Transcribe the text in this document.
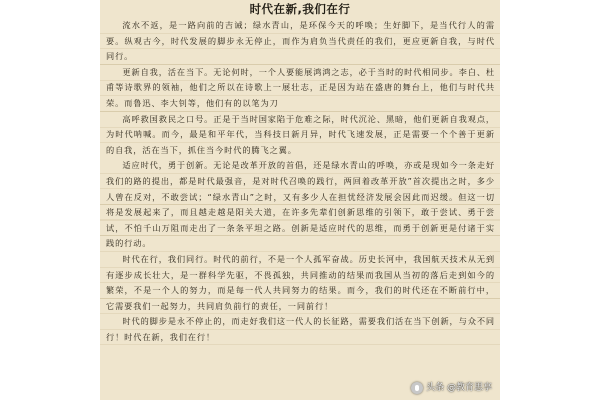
时代在新,我们在行

流水不返，是一路向前的吉诫；绿水青山，是环保今天的呼唤；生好脚下，是当代行人的需要。纵观古今，时代发展的脚步永无停止，而作为肩负当代责任的我们，更应更新自我，与时代同行。

更新自我，活在当下。无论何时，一个人要能展鸿鸿之志，必于当时的时代相同步。李白、杜甫等诗歌界的领袖，他们之所以在诗歌上一展壮志，正是因为站在盛唐的舞台上，他们与时代共荣。而鲁迅、李大钊等，他们有的以笔为刀

高呼救国救民之口号。正是于当时国家陷于危难之际，时代沉沦、黑暗，他们更新自我观点，为时代呐喊。而今，最是和平年代，当科技日新月异，时代飞速发展，正是需要一个个善于更新的自我，活在当下，抓住当今时代的腾飞之翼。

适应时代，勇于创新。无论是改革开放的首倡，还是绿水青山的呼唤，亦或是现如今一条走好我们的路的提出，都是时代最强音，是对时代召唤的践行，两回着改革开放”首次提出之时，多少人曾在反对，不敢尝试；“绿水青山”之时，又有多少人在担忧经济发展会因此而迟缓。但这一切将是发展起来了，而且越走越是阳关大道，在许多先辈们创新思维的引领下，敢于尝试、勇于尝试，不怕千山万阻而走出了一条条平坦之路。创新是适应时代的思维，而勇于创新更是付诸于实践的行动。

时代在行，我们同行。时代的前行，不是一个人孤军奋战。历史长河中，我国航天技术从无到有逐步成长壮大，是一群科学先驱，不畏孤独，共同推动的结果而我国从当初的落后走到如今的繁荣，不是一个人的努力，而是每一代人共同努力的结果。而今，我们的时代还在不断前行中，它需要我们一起努力，共同肩负前行的责任，一同前行！

时代的脚步是永不停止的，而走好我们这一代人的长征路，需要我们活在当下创新，与众不同行！时代在新，我们在行！

头条 @教育思享
